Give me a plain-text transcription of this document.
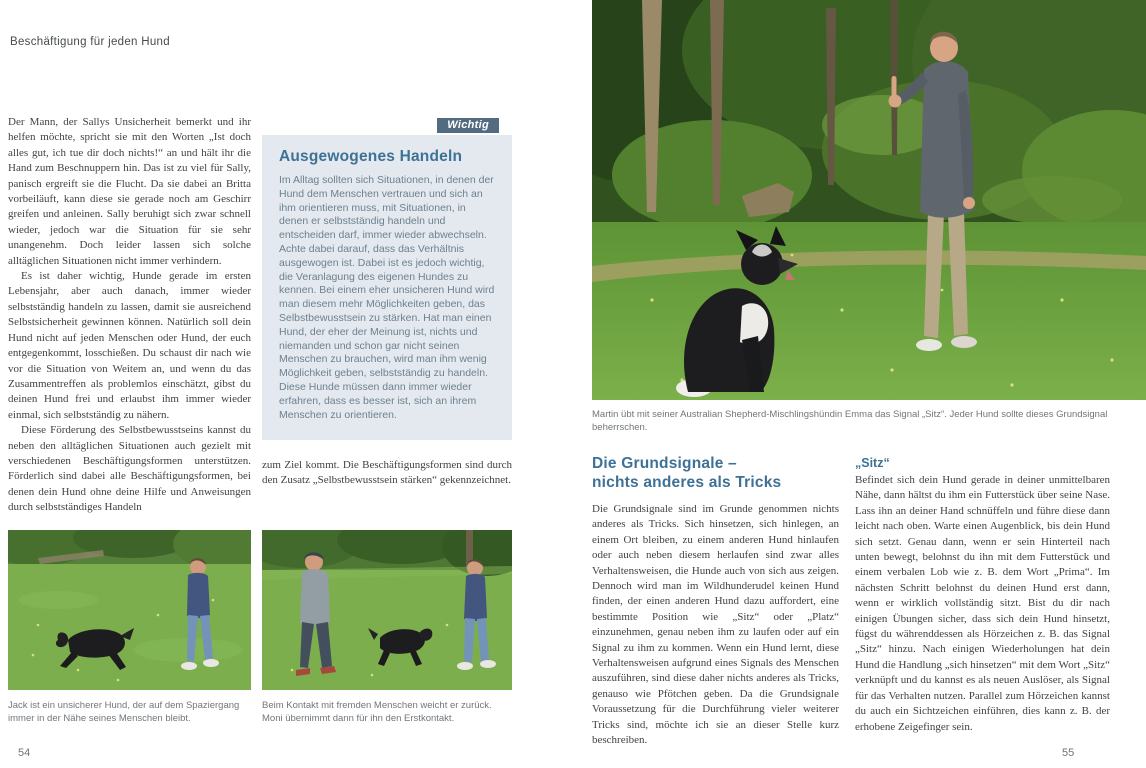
Beschäftigung für jeden Hund

Der Mann, der Sallys Unsicherheit bemerkt und ihr helfen möchte, spricht sie mit den Worten „Ist doch alles gut, ich tue dir doch nichts!“ an und hält ihr die Hand zum Beschnuppern hin. Das ist zu viel für Sally, panisch ergreift sie die Flucht. Da sie dabei an Britta vorbeiläuft, kann diese sie gerade noch am Geschirr greifen und anleinen. Sally beruhigt sich zwar schnell wieder, jedoch war die Situation für sie sehr unangenehm. Doch leider lassen sich solche alltäglichen Situationen nicht immer verhindern.

Es ist daher wichtig, Hunde gerade im ersten Lebensjahr, aber auch danach, immer wieder selbstständig handeln zu lassen, damit sie ausreichend Selbstsicherheit gewinnen können. Natürlich soll dein Hund nicht auf jeden Menschen oder Hund, der euch entgegenkommt, losschießen. Du schaust dir nach wie vor die Situation von Weitem an, und wenn du das Zusammentreffen als problemlos einschätzt, gibst du deinen Hund frei und erlaubst ihm immer wieder einmal, sich selbstständig zu nähern.

Diese Förderung des Selbstbewusstseins kannst du neben den alltäglichen Situationen auch gezielt mit verschiedenen Beschäftigungsformen unterstützen. Förderlich sind dabei alle Beschäftigungsformen, bei denen dein Hund ohne deine Hilfe und Anweisungen durch selbstständiges Handeln

Wichtig
Ausgewogenes Handeln
Im Alltag sollten sich Situationen, in denen der Hund dem Menschen vertrauen und sich an ihm orientieren muss, mit Situationen, in denen er selbstständig handeln und entscheiden darf, immer wieder abwechseln. Achte dabei darauf, dass das Verhältnis ausgewogen ist. Dabei ist es jedoch wichtig, die Veranlagung des eigenen Hundes zu kennen. Bei einem eher unsicheren Hund wird man diesem mehr Möglichkeiten geben, das Selbstbewusstsein zu stärken. Hat man einen Hund, der eher der Meinung ist, nichts und niemanden und schon gar nicht seinen Menschen zu brauchen, wird man ihm wenig Möglichkeit geben, selbstständig zu handeln. Diese Hunde müssen dann immer wieder erfahren, dass es besser ist, sich an ihrem Menschen zu orientieren.

zum Ziel kommt. Die Beschäftigungsformen sind durch den Zusatz „Selbstbewusstsein stärken“ gekennzeichnet.

Jack ist ein unsicherer Hund, der auf dem Spaziergang immer in der Nähe seines Menschen bleibt.
Beim Kontakt mit fremden Menschen weicht er zurück. Moni übernimmt dann für ihn den Erstkontakt.
54
Martin übt mit seiner Australian Shepherd-Mischlingshündin Emma das Signal „Sitz“. Jeder Hund sollte dieses Grundsignal beherrschen.
Die Grundsignale –
nichts anderes als Tricks

Die Grundsignale sind im Grunde genommen nichts anderes als Tricks. Sich hinsetzen, sich hinlegen, an einem Ort bleiben, zu einem anderen Hund hinlaufen oder auch neben diesem herlaufen sind zwar alles Verhaltensweisen, die Hunde auch von sich aus zeigen. Dennoch wird man im Wildhunderudel keinen Hund finden, der einen anderen Hund dazu auffordert, eine bestimmte Position wie „Sitz“ oder „Platz“ einzunehmen, genau neben ihm zu laufen oder auf ein Signal zu ihm zu kommen. Wenn ein Hund lernt, diese Verhaltensweisen aufgrund eines Signals des Menschen auszuführen, sind diese daher nichts anderes als Tricks, genauso wie Pfötchen geben. Da die Grundsignale Voraussetzung für die Durchführung vieler weiterer Tricks sind, möchte ich sie an dieser Stelle kurz beschreiben.

„Sitz“

Befindet sich dein Hund gerade in deiner unmittelbaren Nähe, dann hältst du ihm ein Futterstück über seine Nase. Lass ihn an deiner Hand schnüffeln und führe diese dann leicht nach oben. Warte einen Augenblick, bis dein Hund sich setzt. Genau dann, wenn er sein Hinterteil nach unten bewegt, belohnst du ihn mit dem Futterstück und einem verbalen Lob wie z. B. dem Wort „Prima“. Im nächsten Schritt belohnst du deinen Hund erst dann, wenn er wirklich vollständig sitzt. Bist du dir nach einigen Übungen sicher, dass sich dein Hund hinsetzt, fügst du währenddessen als Hörzeichen z. B. das Signal „Sitz“ hinzu. Nach einigen Wiederholungen hat dein Hund die Handlung „sich hinsetzen“ mit dem Wort „Sitz“ verknüpft und du kannst es als neuen Auslöser, als Signal für das Verhalten nutzen. Parallel zum Hörzeichen kannst du auch ein Sichtzeichen einführen, dies kann z. B. der erhobene Zeigefinger sein.

55
